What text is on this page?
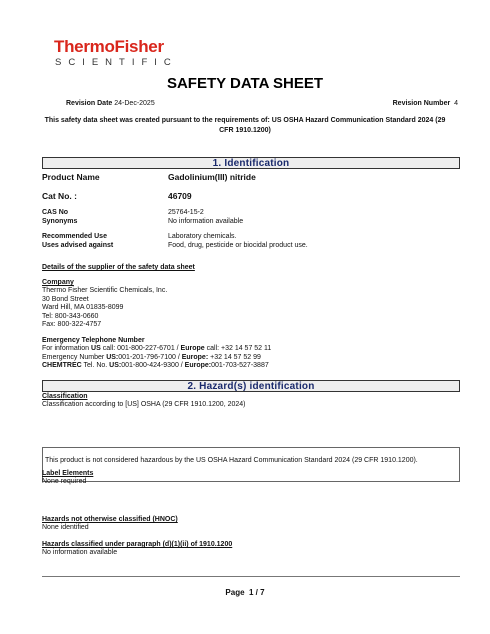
ThermoFisher
SCIENTIFIC
SAFETY DATA SHEET
Revision Date 24-Dec-2025	Revision Number 4
This safety data sheet was created pursuant to the requirements of: US OSHA Hazard Communication Standard 2024 (29 CFR 1910.1200)
1. Identification
Product Name	Gadolinium(III) nitride
Cat No. :	46709
CAS No	25764-15-2
Synonyms	No information available
Recommended Use	Laboratory chemicals.
Uses advised against	Food, drug, pesticide or biocidal product use.
Details of the supplier of the safety data sheet
Company
Thermo Fisher Scientific Chemicals, Inc.
30 Bond Street
Ward Hill, MA 01835-8099
Tel: 800-343-0660
Fax: 800-322-4757
Emergency Telephone Number
For information US call: 001-800-227-6701 / Europe call: +32 14 57 52 11
Emergency Number US:001-201-796-7100 / Europe: +32 14 57 52 99
CHEMTREC Tel. No. US:001-800-424-9300 / Europe:001-703-527-3887
2. Hazard(s) identification
Classification
Classification according to [US] OSHA (29 CFR 1910.1200, 2024)
This product is not considered hazardous by the US OSHA Hazard Communication Standard 2024 (29 CFR 1910.1200).
Label Elements
None required
Hazards not otherwise classified (HNOC)
None identified
Hazards classified under paragraph (d)(1)(ii) of 1910.1200
No information available
Page 1 / 7
